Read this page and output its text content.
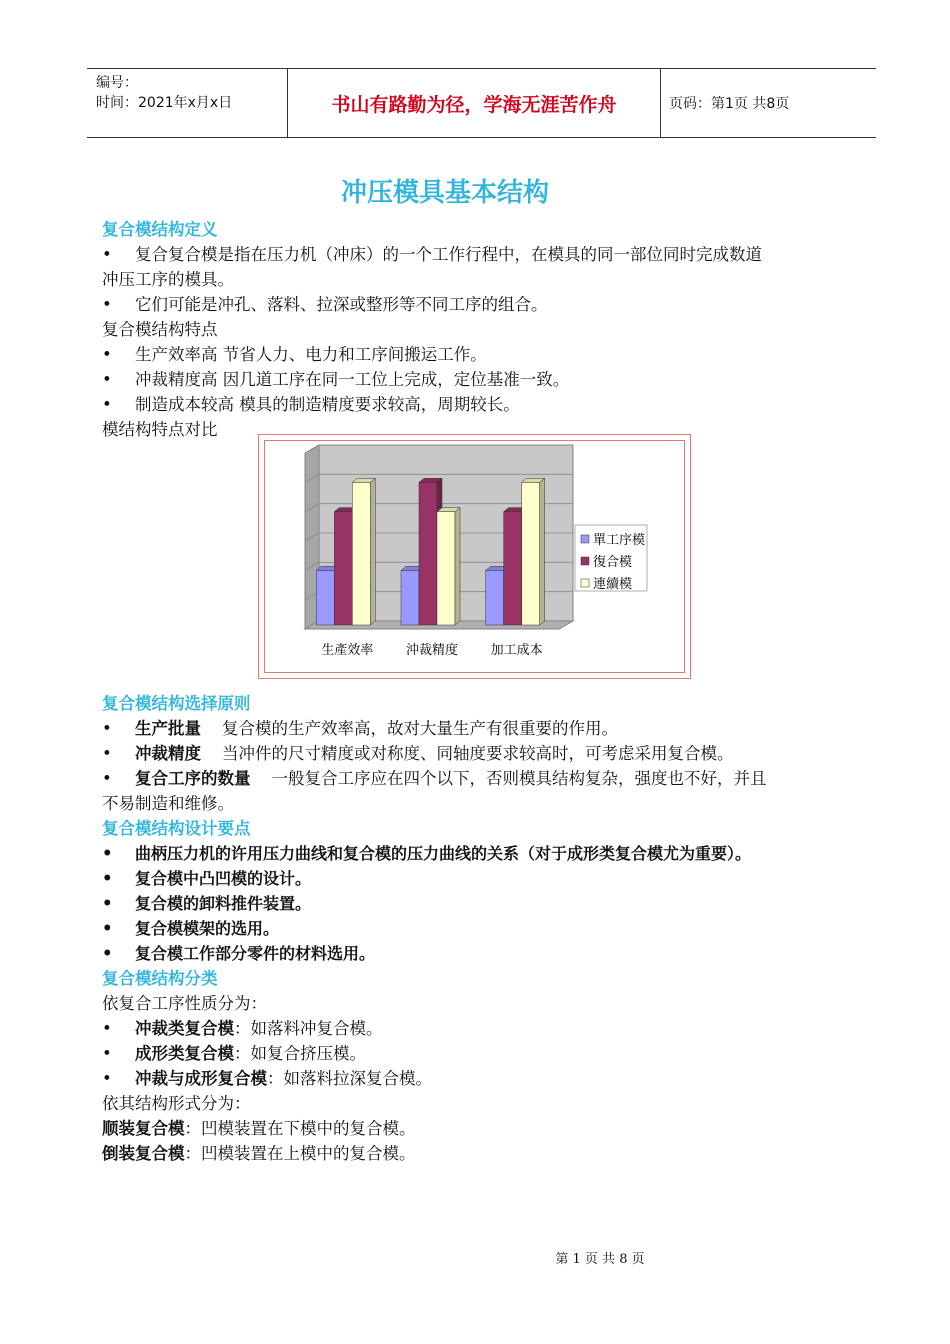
编号：
时间：2021年x月x日	书山有路勤为径，学海无涯苦作舟	页码：第1页 共8页
冲压模具基本结构
复合模结构定义
• 复合复合模是指在压力机（冲床）的一个工作行程中，在模具的同一部位同时完成数道
冲压工序的模具。
• 它们可能是冲孔、落料、拉深或整形等不同工序的组合。
复合模结构特点
• 生产效率高 节省人力、电力和工序间搬运工作。
• 冲裁精度高 因几道工序在同一工位上完成，定位基准一致。
• 制造成本较高 模具的制造精度要求较高，周期较长。
模结构特点对比
生產效率	沖裁精度	加工成本
單工序模
復合模
連續模
复合模结构选择原则
• 生产批量 复合模的生产效率高，故对大量生产有很重要的作用。
• 冲裁精度 当冲件的尺寸精度或对称度、同轴度要求较高时，可考虑采用复合模。
• 复合工序的数量 一般复合工序应在四个以下，否则模具结构复杂，强度也不好，并且
不易制造和维修。
复合模结构设计要点
• 曲柄压力机的许用压力曲线和复合模的压力曲线的关系（对于成形类复合模尤为重要）。
• 复合模中凸凹模的设计。
• 复合模的卸料推件装置。
• 复合模模架的选用。
• 复合模工作部分零件的材料选用。
复合模结构分类
依复合工序性质分为：
• 冲裁类复合模：如落料冲复合模。
• 成形类复合模：如复合挤压模。
• 冲裁与成形复合模：如落料拉深复合模。
依其结构形式分为：
顺装复合模：凹模装置在下模中的复合模。
倒装复合模：凹模装置在上模中的复合模。
第 1 页 共 8 页
